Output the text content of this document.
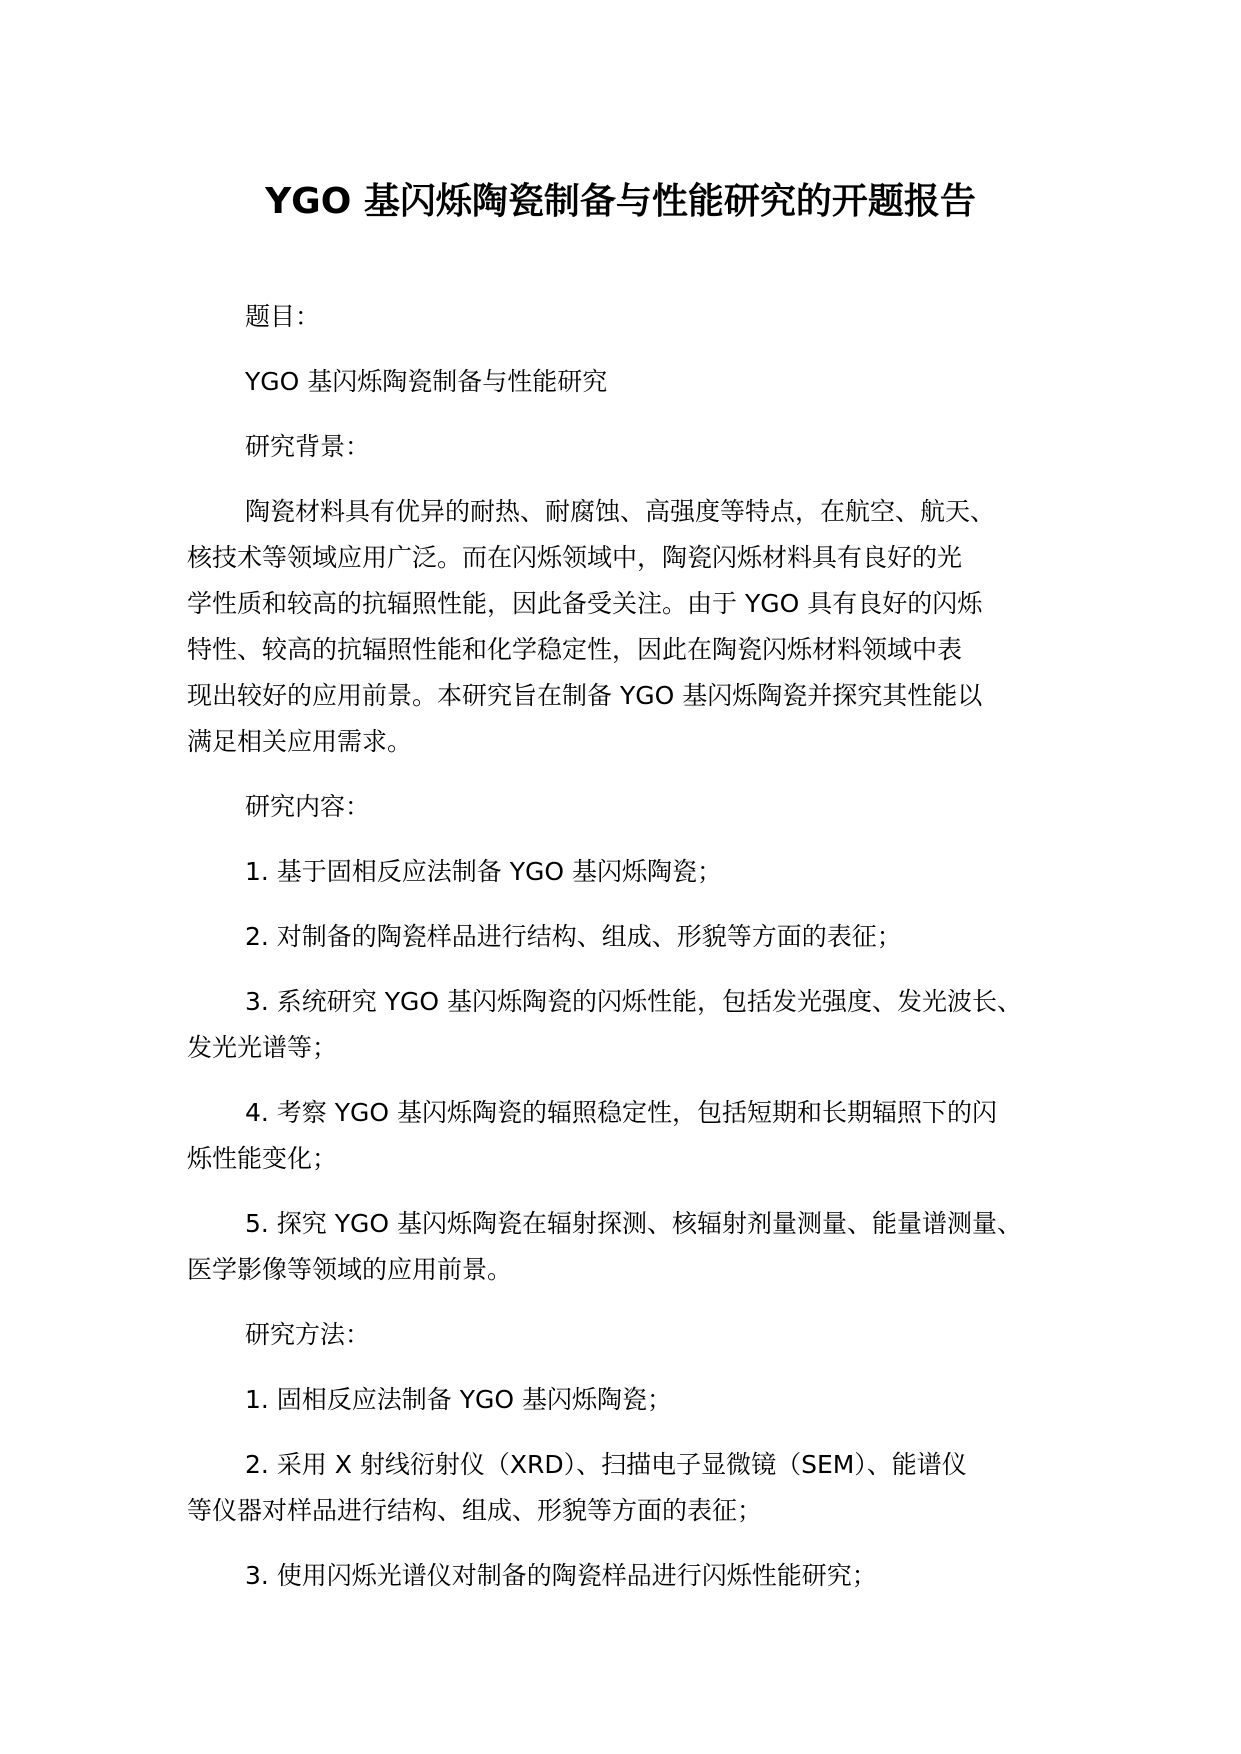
YGO 基闪烁陶瓷制备与性能研究的开题报告

题目：

YGO 基闪烁陶瓷制备与性能研究

研究背景：

陶瓷材料具有优异的耐热、耐腐蚀、高强度等特点，在航空、航天、
核技术等领域应用广泛。而在闪烁领域中，陶瓷闪烁材料具有良好的光
学性质和较高的抗辐照性能，因此备受关注。由于 YGO 具有良好的闪烁
特性、较高的抗辐照性能和化学稳定性，因此在陶瓷闪烁材料领域中表
现出较好的应用前景。本研究旨在制备 YGO 基闪烁陶瓷并探究其性能以
满足相关应用需求。

研究内容：

1. 基于固相反应法制备 YGO 基闪烁陶瓷；

2. 对制备的陶瓷样品进行结构、组成、形貌等方面的表征；

3. 系统研究 YGO 基闪烁陶瓷的闪烁性能，包括发光强度、发光波长、
发光光谱等；

4. 考察 YGO 基闪烁陶瓷的辐照稳定性，包括短期和长期辐照下的闪
烁性能变化；

5. 探究 YGO 基闪烁陶瓷在辐射探测、核辐射剂量测量、能量谱测量、
医学影像等领域的应用前景。

研究方法：

1. 固相反应法制备 YGO 基闪烁陶瓷；

2. 采用 X 射线衍射仪（XRD）、扫描电子显微镜（SEM）、能谱仪
等仪器对样品进行结构、组成、形貌等方面的表征；

3. 使用闪烁光谱仪对制备的陶瓷样品进行闪烁性能研究；
